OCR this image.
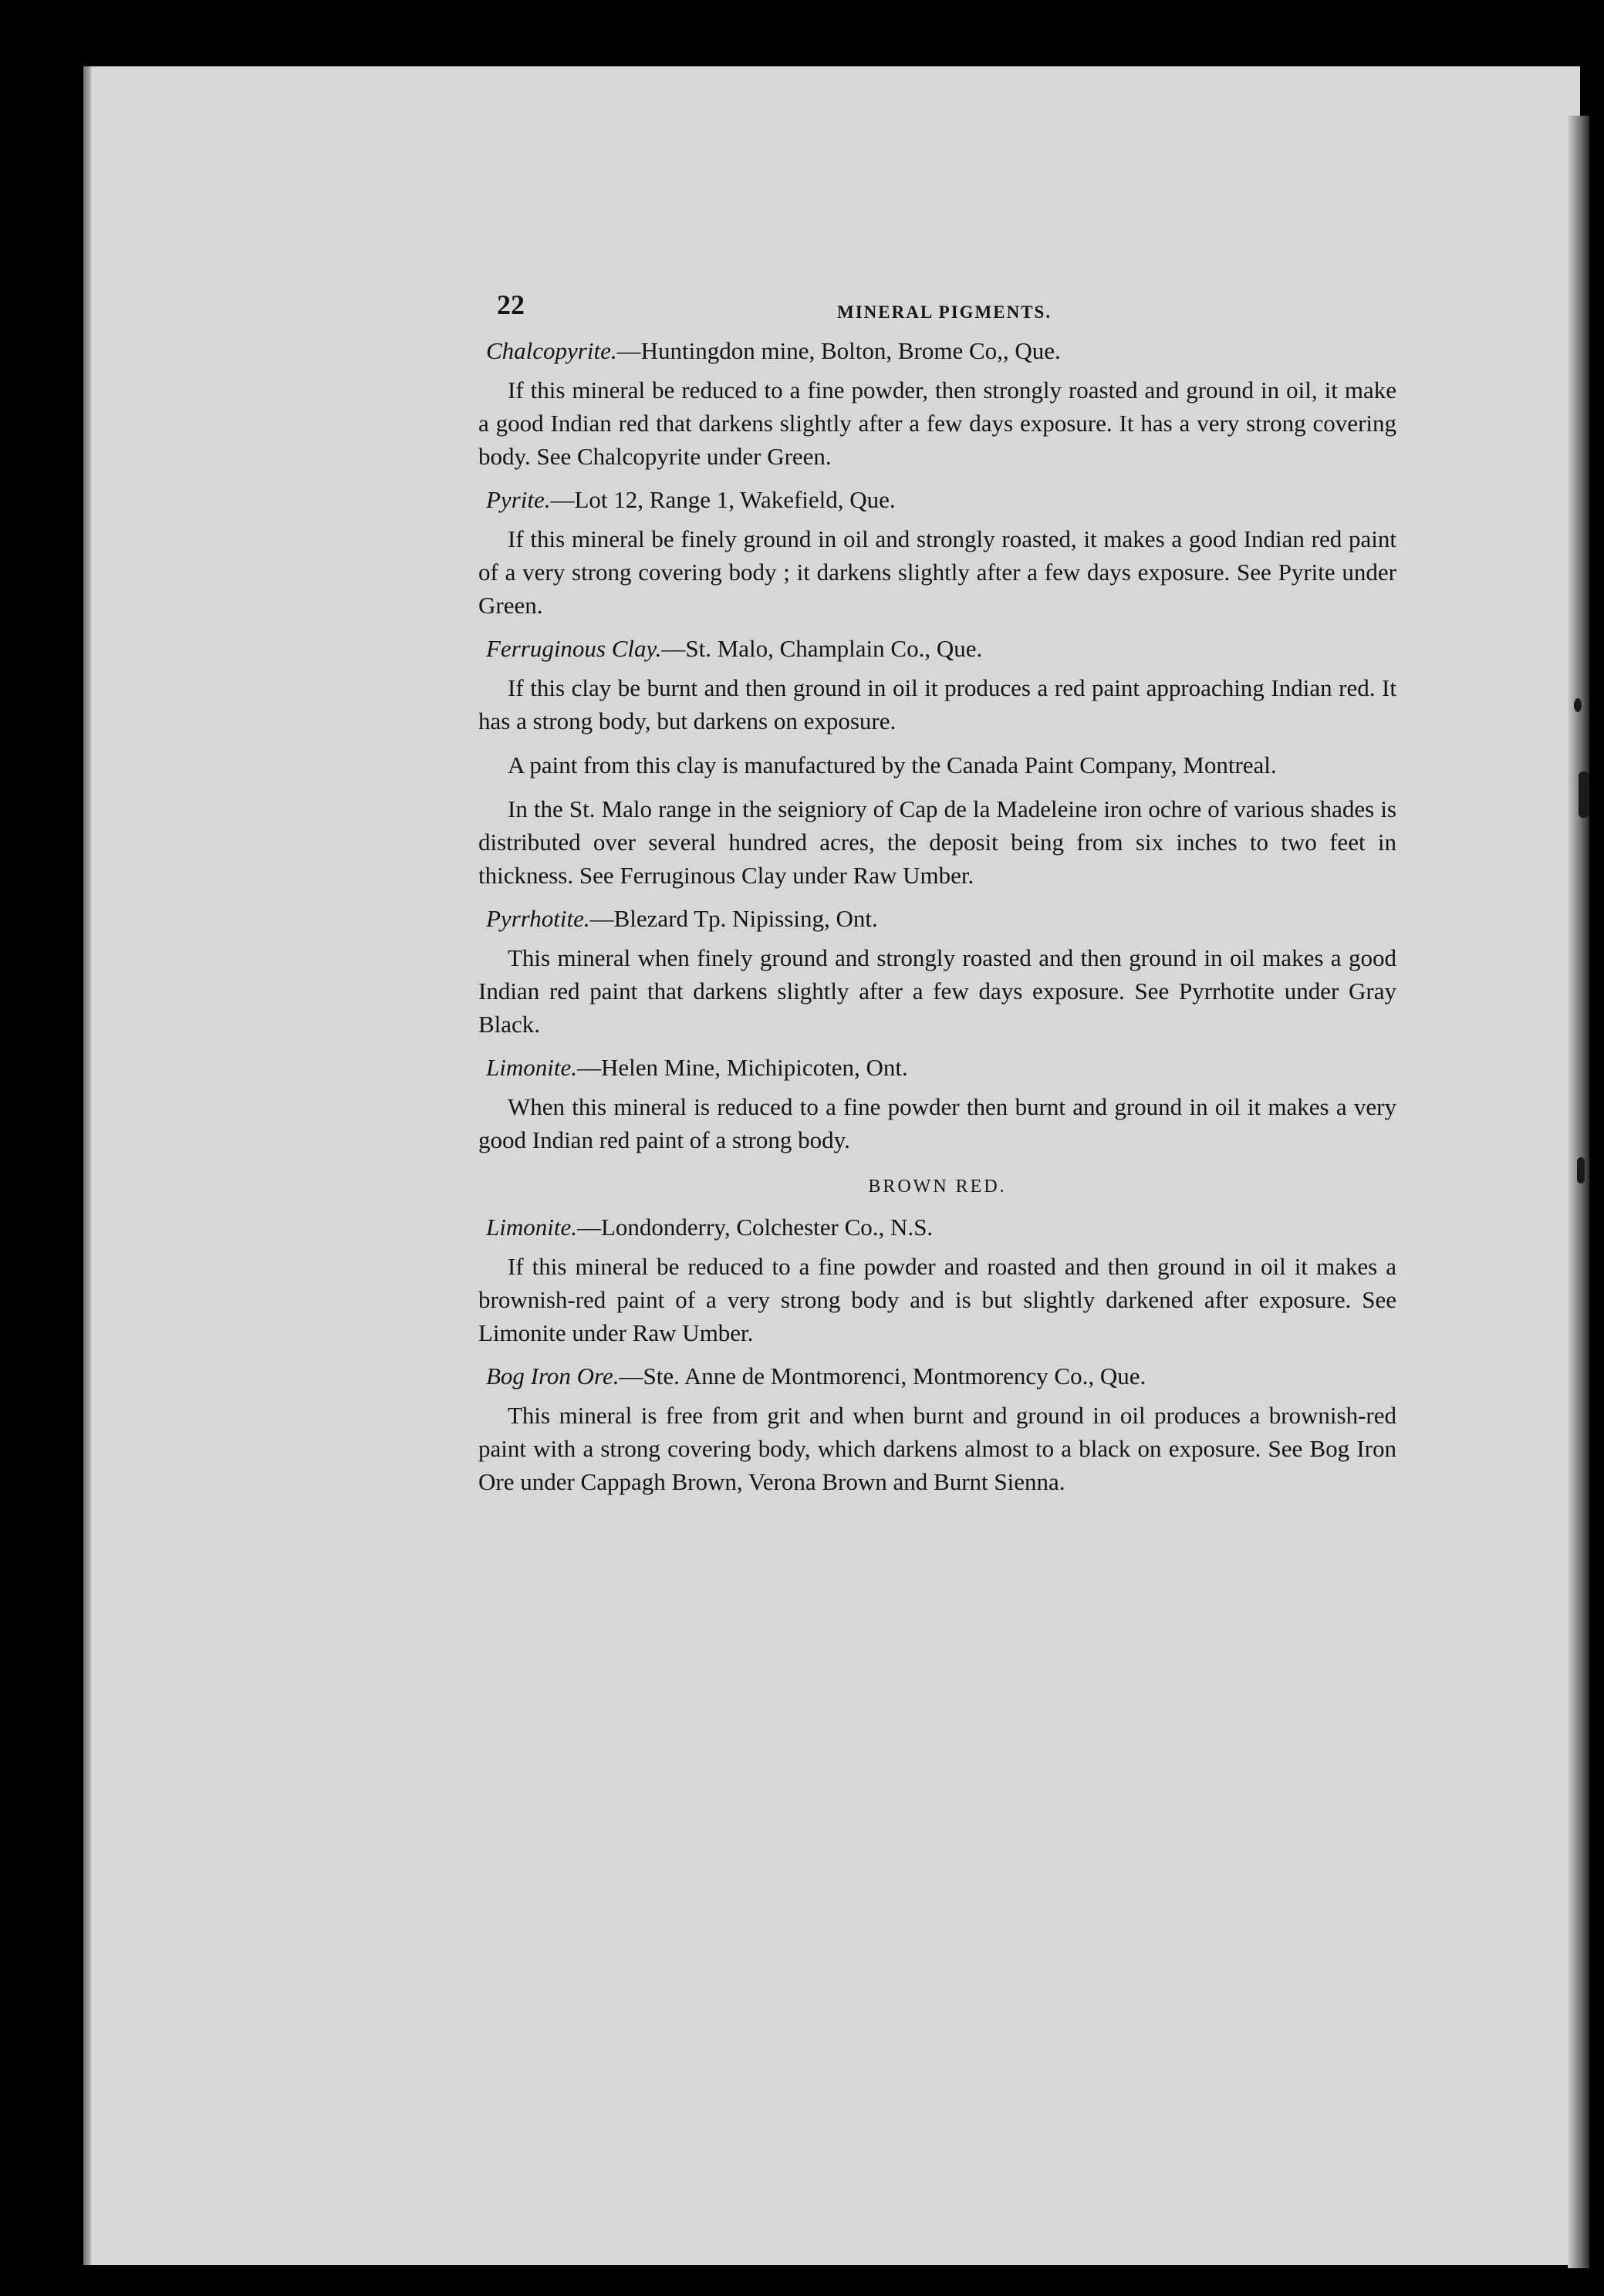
22	MINERAL PIGMENTS.
Chalcopyrite.—Huntingdon mine, Bolton, Brome Co,, Que.

If this mineral be reduced to a fine powder, then strongly roasted and ground in oil, it make a good Indian red that darkens slightly after a few days exposure. It has a very strong covering body. See Chalcopyrite under Green.

Pyrite.—Lot 12, Range 1, Wakefield, Que.

If this mineral be finely ground in oil and strongly roasted, it makes a good Indian red paint of a very strong covering body ; it darkens slightly after a few days exposure. See Pyrite under Green.

Ferruginous Clay.—St. Malo, Champlain Co., Que.

If this clay be burnt and then ground in oil it produces a red paint approaching Indian red. It has a strong body, but darkens on exposure.

A paint from this clay is manufactured by the Canada Paint Company, Montreal.

In the St. Malo range in the seigniory of Cap de la Madeleine iron ochre of various shades is distributed over several hundred acres, the deposit being from six inches to two feet in thickness. See Ferruginous Clay under Raw Umber.

Pyrrhotite.—Blezard Tp. Nipissing, Ont.

This mineral when finely ground and strongly roasted and then ground in oil makes a good Indian red paint that darkens slightly after a few days exposure. See Pyrrhotite under Gray Black.

Limonite.—Helen Mine, Michipicoten, Ont.

When this mineral is reduced to a fine powder then burnt and ground in oil it makes a very good Indian red paint of a strong body.

BROWN RED.
Limonite.—Londonderry, Colchester Co., N.S.

If this mineral be reduced to a fine powder and roasted and then ground in oil it makes a brownish-red paint of a very strong body and is but slightly darkened after exposure. See Limonite under Raw Umber.

Bog Iron Ore.—Ste. Anne de Montmorenci, Montmorency Co., Que.

This mineral is free from grit and when burnt and ground in oil produces a brownish-red paint with a strong covering body, which darkens almost to a black on exposure. See Bog Iron Ore under Cappagh Brown, Verona Brown and Burnt Sienna.
